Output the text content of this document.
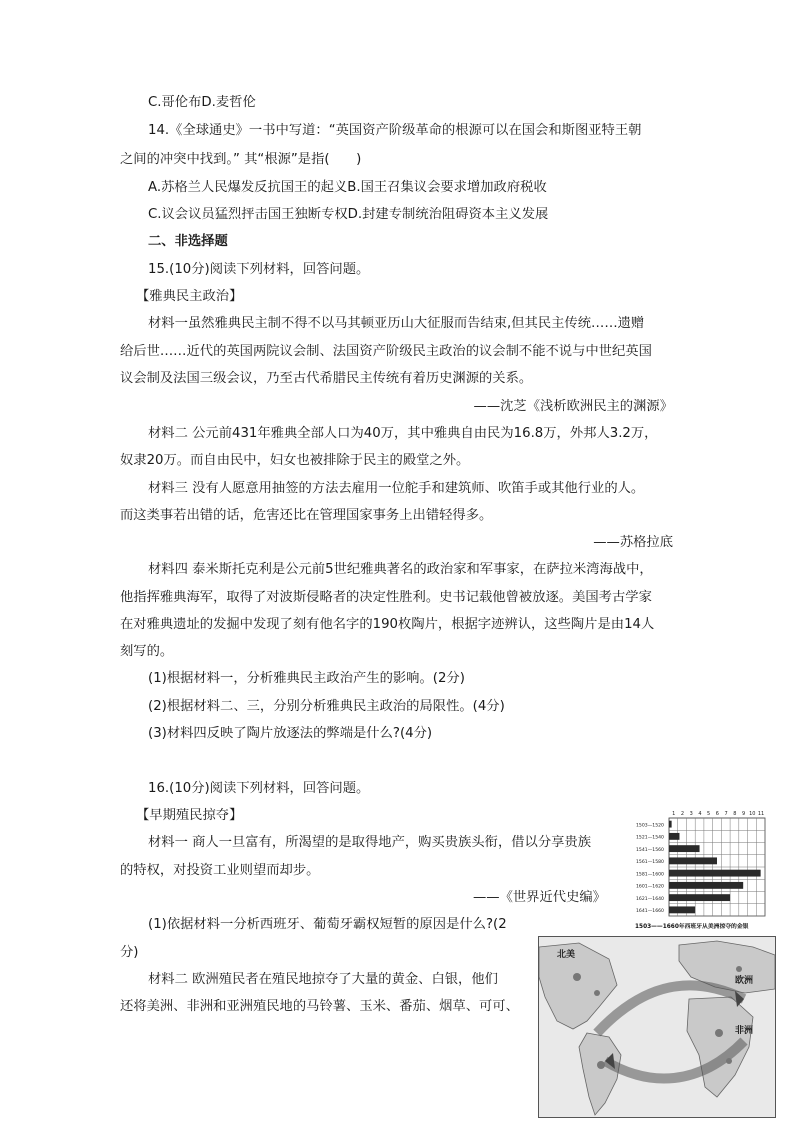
C.哥伦布D.麦哲伦
14.《全球通史》一书中写道：“英国资产阶级革命的根源可以在国会和斯图亚特王朝
之间的冲突中找到。” 其“根源”是指(　　)
A.苏格兰人民爆发反抗国王的起义B.国王召集议会要求增加政府税收
C.议会议员猛烈抨击国王独断专权D.封建专制统治阻碍资本主义发展
二、非选择题
15.(10分)阅读下列材料，回答问题。
【雅典民主政治】
材料一虽然雅典民主制不得不以马其顿亚历山大征服而告结束,但其民主传统……遗赠
给后世……近代的英国两院议会制、法国资产阶级民主政治的议会制不能不说与中世纪英国
议会制及法国三级会议，乃至古代希腊民主传统有着历史渊源的关系。
——沈芝《浅析欧洲民主的渊源》
材料二 公元前431年雅典全部人口为40万，其中雅典自由民为16.8万，外邦人3.2万，
奴隶20万。而自由民中，妇女也被排除于民主的殿堂之外。
材料三 没有人愿意用抽签的方法去雇用一位舵手和建筑师、吹笛手或其他行业的人。
而这类事若出错的话，危害还比在管理国家事务上出错轻得多。
——苏格拉底
材料四 泰米斯托克利是公元前5世纪雅典著名的政治家和军事家，在萨拉米湾海战中，
他指挥雅典海军，取得了对波斯侵略者的决定性胜利。史书记载他曾被放逐。美国考古学家
在对雅典遗址的发掘中发现了刻有他名字的190枚陶片，根据字迹辨认，这些陶片是由14人
刻写的。
(1)根据材料一，分析雅典民主政治产生的影响。(2分)
(2)根据材料二、三，分别分析雅典民主政治的局限性。(4分)
(3)材料四反映了陶片放逐法的弊端是什么?(4分)
16.(10分)阅读下列材料，回答问题。
【早期殖民掠夺】
材料一 商人一旦富有，所渴望的是取得地产，购买贵族头衔，借以分享贵族
的特权，对投资工业则望而却步。
——《世界近代史编》
(1)依据材料一分析西班牙、葡萄牙霸权短暂的原因是什么?(2
分)
材料二 欧洲殖民者在殖民地掠夺了大量的黄金、白银，他们
还将美洲、非洲和亚洲殖民地的马铃薯、玉米、番茄、烟草、可可、
1 2 3 4 5 6 7 8 9 10 11
1503—1520
1521—1540
1541—1560
1561—1580
1581—1600
1601—1620
1621—1640
1641—1660
1503——1660年西班牙从美洲掠夺的金银
北美
欧洲
非洲
